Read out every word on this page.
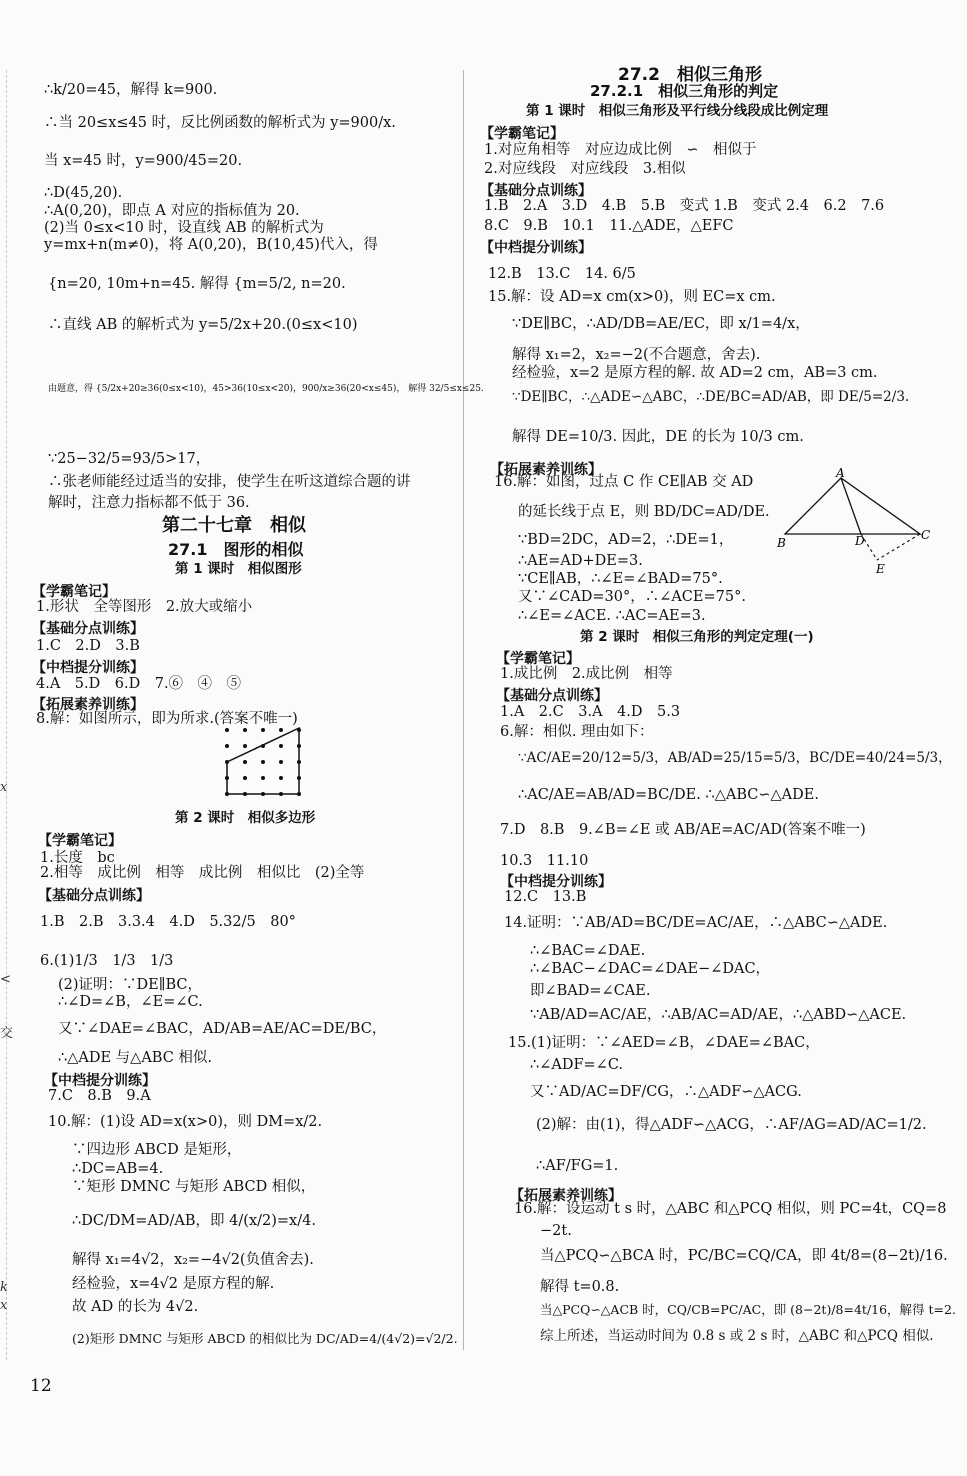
x
<
交
k
x
∴k/20=45，解得 k=900.
∴当 20≤x≤45 时，反比例函数的解析式为 y=900/x.
当 x=45 时，y=900/45=20.
∴D(45,20).
∴A(0,20)，即点 A 对应的指标值为 20.
(2)当 0≤x<10 时，设直线 AB 的解析式为
y=mx+n(m≠0)，将 A(0,20)，B(10,45)代入，得
{n=20, 10m+n=45. 解得 {m=5/2, n=20.
∴直线 AB 的解析式为 y=5/2x+20.(0≤x<10)
由题意，得 {5/2x+20≥36(0≤x<10)，45>36(10≤x<20)，900/x≥36(20<x≤45)， 解得 32/5≤x≤25.
∵25−32/5=93/5>17，
∴张老师能经过适当的安排，使学生在听这道综合题的讲
解时，注意力指标都不低于 36.
第二十七章　相似
27.1　图形的相似
第 1 课时　相似图形
【学霸笔记】
1.形状　全等图形　2.放大或缩小
【基础分点训练】
1.C　2.D　3.B
【中档提分训练】
4.A　5.D　6.D　7.⑥　④　⑤
【拓展素养训练】
8.解：如图所示，即为所求.(答案不唯一)
第 2 课时　相似多边形
【学霸笔记】
1.长度　bc
2.相等　成比例　相等　成比例　相似比　(2)全等
【基础分点训练】
1.B　2.B　3.3.4　4.D　5.32/5　80°
6.(1)1/3　1/3　1/3
(2)证明：∵DE∥BC，
∴∠D=∠B，∠E=∠C.
又∵∠DAE=∠BAC，AD/AB=AE/AC=DE/BC，
∴△ADE 与△ABC 相似.
【中档提分训练】
7.C　8.B　9.A
10.解：(1)设 AD=x(x>0)，则 DM=x/2.
∵四边形 ABCD 是矩形，
∴DC=AB=4.
∵矩形 DMNC 与矩形 ABCD 相似，
∴DC/DM=AD/AB，即 4/(x/2)=x/4.
解得 x₁=4√2，x₂=−4√2(负值舍去).
经检验，x=4√2 是原方程的解.
故 AD 的长为 4√2.
(2)矩形 DMNC 与矩形 ABCD 的相似比为 DC/AD=4/(4√2)=√2/2.
27.2　相似三角形
27.2.1　相似三角形的判定
第 1 课时　相似三角形及平行线分线段成比例定理
【学霸笔记】
1.对应角相等　对应边成比例　∽　相似于
2.对应线段　对应线段　3.相似
【基础分点训练】
1.B　2.A　3.D　4.B　5.B　变式 1.B　变式 2.4　6.2　7.6
8.C　9.B　10.1　11.△ADE，△EFC
【中档提分训练】
12.B　13.C　14. 6/5
15.解：设 AD=x cm(x>0)，则 EC=x cm.
∵DE∥BC，∴AD/DB=AE/EC，即 x/1=4/x，
解得 x₁=2，x₂=−2(不合题意，舍去).
经检验，x=2 是原方程的解. 故 AD=2 cm，AB=3 cm.
∵DE∥BC，∴△ADE∽△ABC，∴DE/BC=AD/AB，即 DE/5=2/3.
解得 DE=10/3. 因此，DE 的长为 10/3 cm.
【拓展素养训练】
16.解：如图，过点 C 作 CE∥AB 交 AD
的延长线于点 E，则 BD/DC=AD/DE.
∵BD=2DC，AD=2，∴DE=1，
∴AE=AD+DE=3.
∵CE∥AB，∴∠E=∠BAD=75°.
又∵∠CAD=30°，∴∠ACE=75°.
∴∠E=∠ACE. ∴AC=AE=3.
A
B
C
D
E
第 2 课时　相似三角形的判定定理(一)
【学霸笔记】
1.成比例　2.成比例　相等
【基础分点训练】
1.A　2.C　3.A　4.D　5.3
6.解：相似. 理由如下：
∵AC/AE=20/12=5/3，AB/AD=25/15=5/3，BC/DE=40/24=5/3，
∴AC/AE=AB/AD=BC/DE. ∴△ABC∽△ADE.
7.D　8.B　9.∠B=∠E 或 AB/AE=AC/AD(答案不唯一)
10.3　11.10
【中档提分训练】
12.C　13.B
14.证明：∵AB/AD=BC/DE=AC/AE，∴△ABC∽△ADE.
∴∠BAC=∠DAE.
∴∠BAC−∠DAC=∠DAE−∠DAC，
即∠BAD=∠CAE.
∵AB/AD=AC/AE，∴AB/AC=AD/AE，∴△ABD∽△ACE.
15.(1)证明：∵∠AED=∠B，∠DAE=∠BAC，
∴∠ADF=∠C.
又∵AD/AC=DF/CG，∴△ADF∽△ACG.
(2)解：由(1)，得△ADF∽△ACG，∴AF/AG=AD/AC=1/2.
∴AF/FG=1.
【拓展素养训练】
16.解：设运动 t s 时，△ABC 和△PCQ 相似，则 PC=4t，CQ=8
−2t.
当△PCQ∽△BCA 时，PC/BC=CQ/CA，即 4t/8=(8−2t)/16.
解得 t=0.8.
当△PCQ∽△ACB 时，CQ/CB=PC/AC，即 (8−2t)/8=4t/16，解得 t=2.
综上所述，当运动时间为 0.8 s 或 2 s 时，△ABC 和△PCQ 相似.
12
